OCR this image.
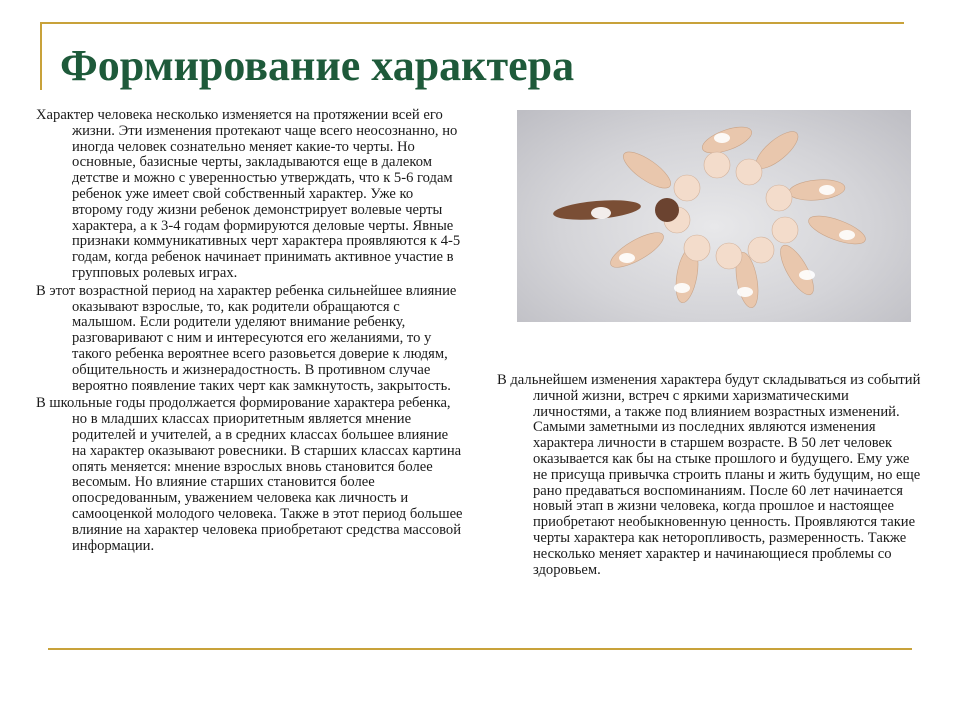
Формирование характера

Характер человека несколько изменяется на протяжении всей его жизни. Эти изменения протекают чаще всего неосознанно, но иногда человек сознательно меняет какие-то черты. Но основные, базисные черты, закладываются еще в далеком детстве и можно с уверенностью утверждать, что к 5-6 годам ребенок уже имеет свой собственный характер. Уже ко второму году жизни ребенок демонстрирует волевые черты характера, а к 3-4 годам формируются деловые черты. Явные признаки коммуникативных черт характера проявляются к 4-5 годам, когда ребенок начинает принимать активное участие в групповых ролевых играх.

В этот возрастной период на характер ребенка сильнейшее влияние оказывают взрослые, то, как родители обращаются с малышом. Если родители уделяют внимание ребенку, разговаривают с ним и интересуются его желаниями, то у такого ребенка вероятнее всего разовьется доверие к людям, общительность и жизнерадостность. В противном случае вероятно появление таких черт как замкнутость, закрытость.

В школьные годы продолжается формирование характера ребенка, но в младших классах приоритетным является мнение родителей и учителей, а в средних классах большее влияние на характер оказывают ровесники. В старших классах картина опять меняется: мнение взрослых вновь становится более весомым. Но влияние старших становится более опосредованным, уважением человека как личность и самооценкой молодого человека. Также в этот период большее влияние на характер человека приобретают средства массовой информации.

В дальнейшем изменения характера будут складываться из событий личной жизни, встреч с яркими харизматическими личностями, а также под влиянием возрастных изменений. Самыми заметными из последних являются изменения характера личности в старшем возрасте. В 50 лет человек оказывается как бы на стыке прошлого и будущего. Ему уже не присуща привычка строить планы и жить будущим, но еще рано предаваться воспоминаниям. После 60 лет начинается новый этап в жизни человека, когда прошлое и настоящее приобретают необыкновенную ценность. Проявляются такие черты характера как неторопливость, размеренность. Также несколько меняет характер и начинающиеся проблемы со здоровьем.
